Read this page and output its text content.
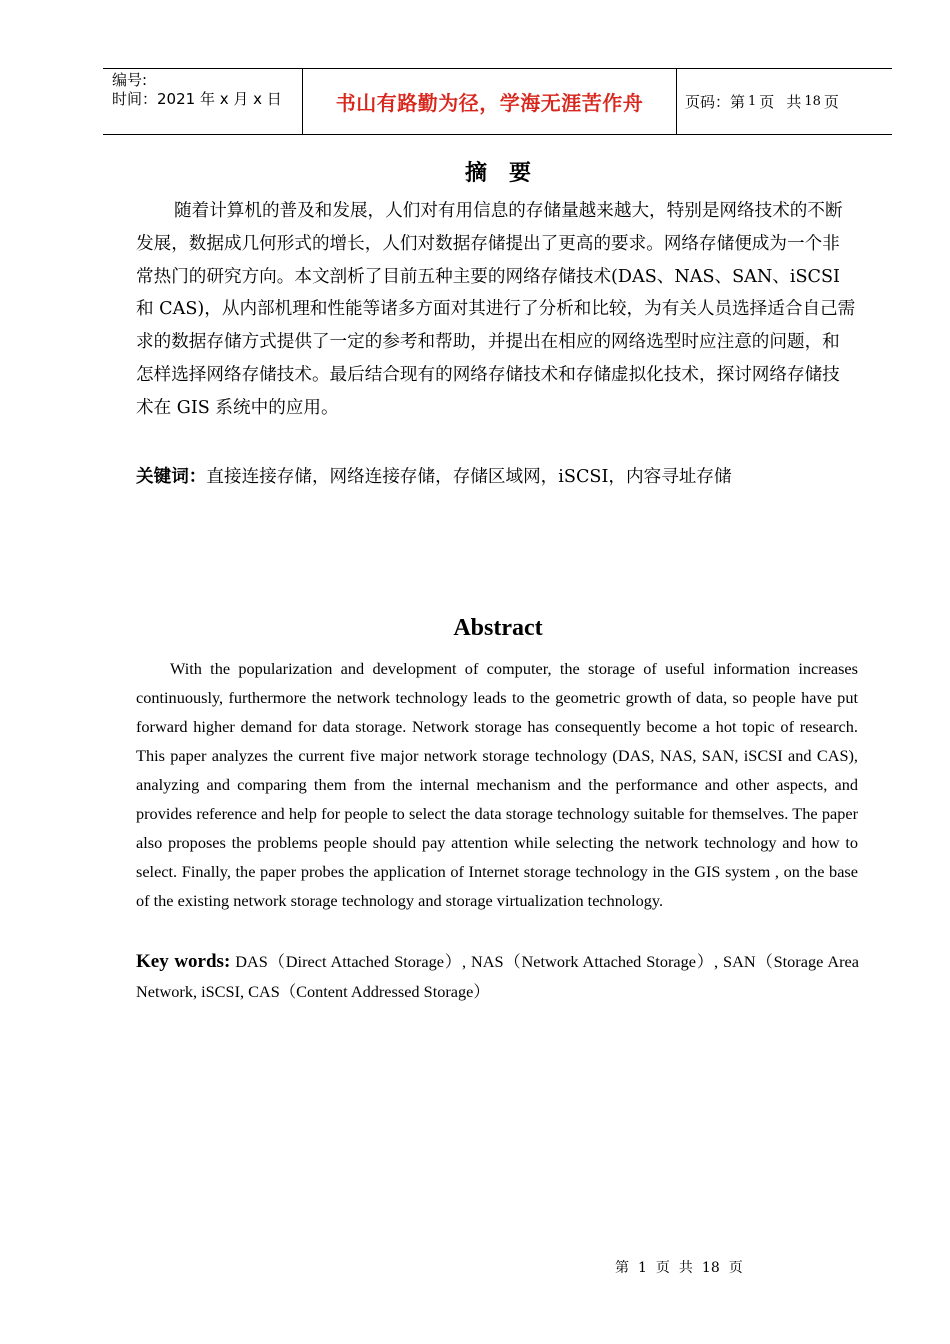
编号:
时间：2021 年 x 月 x 日	书山有路勤为径，学海无涯苦作舟	页码：第 1 页 共 18 页
摘 要

随着计算机的普及和发展，人们对有用信息的存储量越来越大，特别是网络技术的不断发展，数据成几何形式的增长，人们对数据存储提出了更高的要求。网络存储便成为一个非常热门的研究方向。本文剖析了目前五种主要的网络存储技术(DAS、NAS、SAN、iSCSI 和 CAS)，从内部机理和性能等诸多方面对其进行了分析和比较，为有关人员选择适合自己需求的数据存储方式提供了一定的参考和帮助，并提出在相应的网络选型时应注意的问题，和怎样选择网络存储技术。最后结合现有的网络存储技术和存储虚拟化技术，探讨网络存储技术在 GIS 系统中的应用。

关键词：直接连接存储，网络连接存储，存储区域网，iSCSI，内容寻址存储
Abstract

With the popularization and development of computer, the storage of useful information increases continuously, furthermore the network technology leads to the geometric growth of data, so people have put forward higher demand for data storage. Network storage has consequently become a hot topic of research. This paper analyzes the current five major network storage technology (DAS, NAS, SAN, iSCSI and CAS), analyzing and comparing them from the internal mechanism and the performance and other aspects, and provides reference and help for people to select the data storage technology suitable for themselves. The paper also proposes the problems people should pay attention while selecting the network technology and how to select. Finally, the paper probes the application of Internet storage technology in the GIS system , on the base of the existing network storage technology and storage virtualization technology.

Key words: DAS（Direct Attached Storage）, NAS（Network Attached Storage）, SAN（Storage Area Network, iSCSI, CAS（Content Addressed Storage）
第 1 页 共 18 页
